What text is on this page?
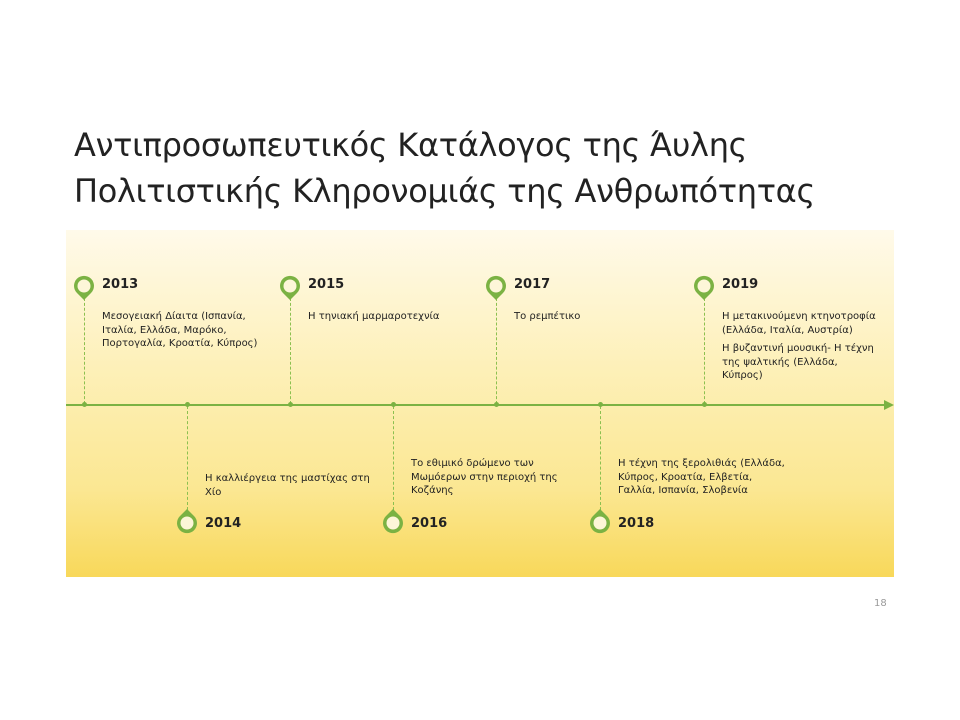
Αντιπροσωπευτικός Κατάλογος της Άυλης
Πολιτιστικής Κληρονομιάς της Ανθρωπότητας
2013
Μεσογειακή Δίαιτα (Ισπανία,
Ιταλία, Ελλάδα, Μαρόκο,
Πορτογαλία, Κροατία, Κύπρος)
2014
Η καλλιέργεια της μαστίχας στη
Χίο
2015
Η τηνιακή μαρμαροτεχνία
2016
Το εθιμικό δρώμενο των
Μωμόερων στην περιοχή της
Κοζάνης
2017
Το ρεμπέτικο
2018
Η τέχνη της ξερολιθιάς (Ελλάδα,
Κύπρος, Κροατία, Ελβετία,
Γαλλία, Ισπανία, Σλοβενία
2019
Η μετακινούμενη κτηνοτροφία
(Ελλάδα, Ιταλία, Αυστρία)
Η βυζαντινή μουσική- Η τέχνη
της ψαλτικής (Ελλάδα,
Κύπρος)
18
